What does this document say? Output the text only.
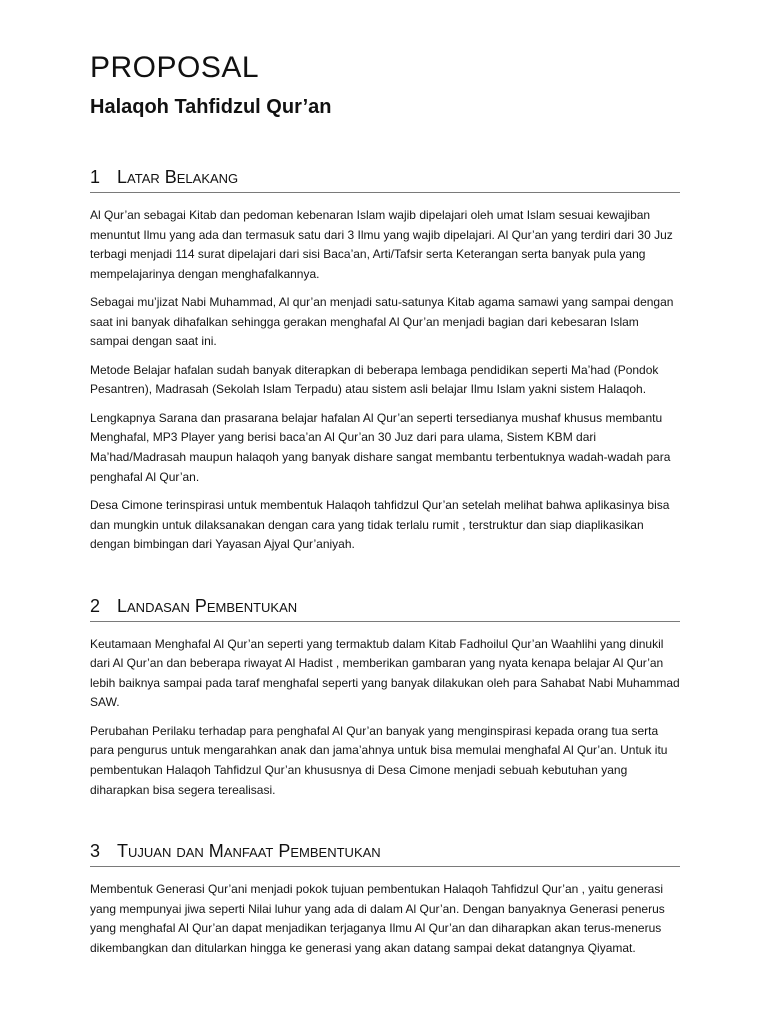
PROPOSAL
Halaqoh Tahfidzul Qur’an
1 Latar Belakang

Al Qur’an sebagai Kitab dan pedoman kebenaran Islam wajib dipelajari oleh umat Islam sesuai kewajiban menuntut Ilmu yang ada dan termasuk satu dari 3 Ilmu yang wajib dipelajari. Al Qur’an yang terdiri dari 30 Juz terbagi menjadi 114 surat dipelajari dari sisi Baca’an, Arti/Tafsir serta Keterangan serta banyak pula yang mempelajarinya dengan menghafalkannya.

Sebagai mu’jizat Nabi Muhammad, Al qur’an menjadi satu-satunya Kitab agama samawi yang sampai dengan saat ini banyak dihafalkan sehingga gerakan menghafal Al Qur’an menjadi bagian dari kebesaran Islam sampai dengan saat ini.

Metode Belajar hafalan sudah banyak diterapkan di beberapa lembaga pendidikan seperti Ma’had (Pondok Pesantren), Madrasah (Sekolah Islam Terpadu) atau sistem asli belajar Ilmu Islam yakni sistem Halaqoh.

Lengkapnya Sarana dan prasarana belajar hafalan Al Qur’an seperti tersedianya mushaf khusus membantu Menghafal, MP3 Player yang berisi baca’an Al Qur’an 30 Juz dari para ulama, Sistem KBM dari Ma’had/Madrasah maupun halaqoh yang banyak dishare sangat membantu terbentuknya wadah-wadah para penghafal Al Qur’an.

Desa Cimone terinspirasi untuk membentuk Halaqoh tahfidzul Qur’an setelah melihat bahwa aplikasinya bisa dan mungkin untuk dilaksanakan dengan cara yang tidak terlalu rumit , terstruktur dan siap diaplikasikan dengan bimbingan dari Yayasan Ajyal Qur’aniyah.

2 Landasan Pembentukan

Keutamaan Menghafal Al Qur’an seperti yang termaktub dalam Kitab Fadhoilul Qur’an Waahlihi yang dinukil dari Al Qur’an dan beberapa riwayat Al Hadist , memberikan gambaran yang nyata kenapa belajar Al Qur’an lebih baiknya sampai pada taraf menghafal seperti yang banyak dilakukan oleh para Sahabat Nabi Muhammad SAW.

Perubahan Perilaku terhadap para penghafal Al Qur’an banyak yang menginspirasi kepada orang tua serta para pengurus untuk mengarahkan anak dan jama’ahnya untuk bisa memulai menghafal Al Qur’an. Untuk itu pembentukan Halaqoh Tahfidzul Qur’an khususnya di Desa Cimone menjadi sebuah kebutuhan yang diharapkan bisa segera terealisasi.

3 Tujuan dan Manfaat Pembentukan

Membentuk Generasi Qur’ani menjadi pokok tujuan pembentukan Halaqoh Tahfidzul Qur’an , yaitu generasi yang mempunyai jiwa seperti Nilai luhur yang ada di dalam Al Qur’an. Dengan banyaknya Generasi penerus yang menghafal Al Qur’an dapat menjadikan terjaganya Ilmu Al Qur’an dan diharapkan akan terus-menerus dikembangkan dan ditularkan hingga ke generasi yang akan datang sampai dekat datangnya Qiyamat.
